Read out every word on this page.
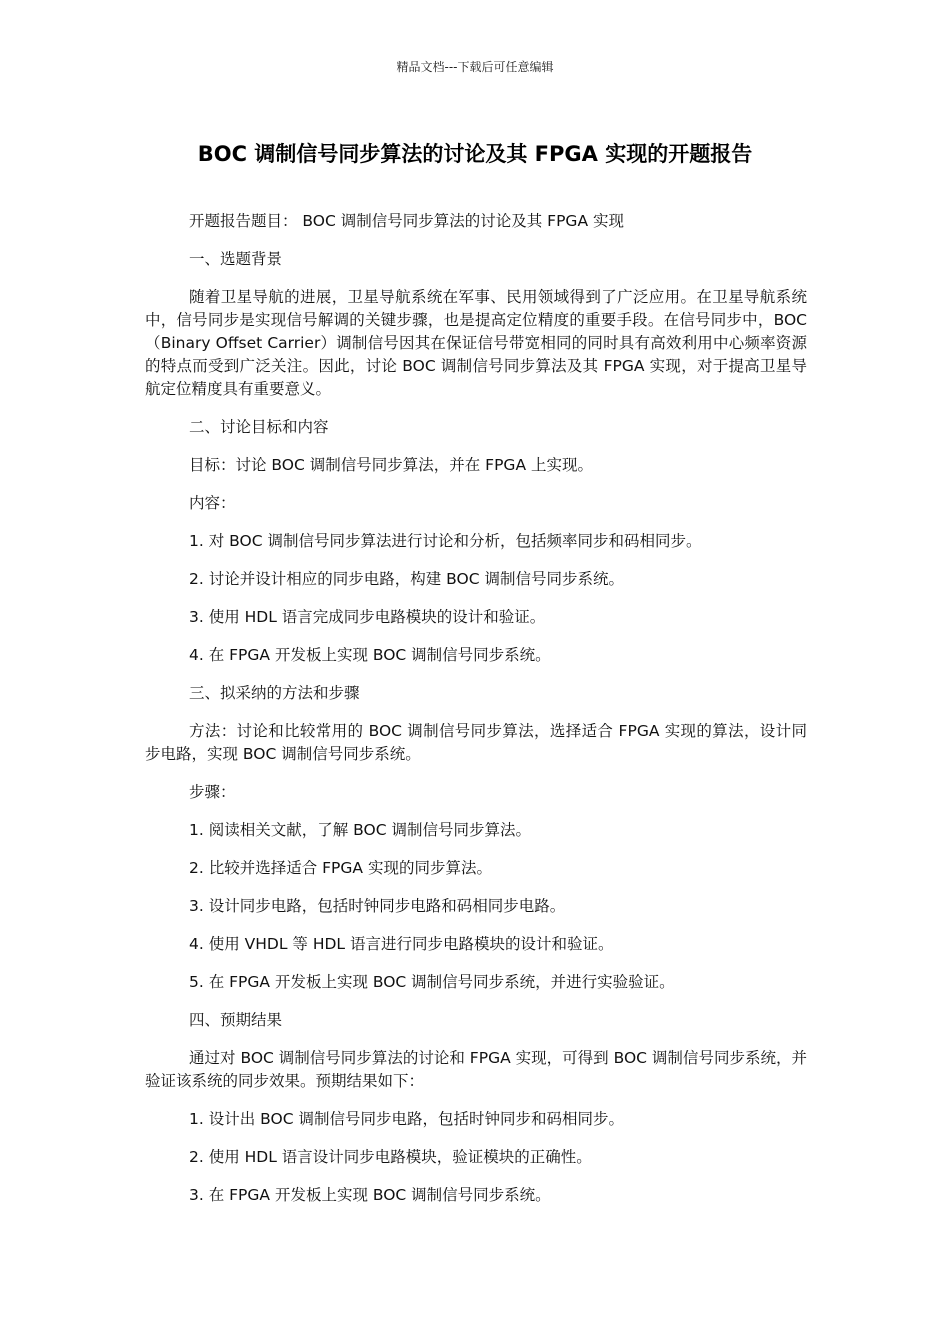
精品文档---下载后可任意编辑
BOC 调制信号同步算法的讨论及其 FPGA 实现的开题报告

开题报告题目： BOC 调制信号同步算法的讨论及其 FPGA 实现

一、选题背景

随着卫星导航的进展，卫星导航系统在军事、民用领域得到了广泛应用。在卫星导航系统中，信号同步是实现信号解调的关键步骤，也是提高定位精度的重要手段。在信号同步中，BOC（Binary Offset Carrier）调制信号因其在保证信号带宽相同的同时具有高效利用中心频率资源的特点而受到广泛关注。因此，讨论 BOC 调制信号同步算法及其 FPGA 实现，对于提高卫星导航定位精度具有重要意义。

二、讨论目标和内容

目标：讨论 BOC 调制信号同步算法，并在 FPGA 上实现。

内容：

1. 对 BOC 调制信号同步算法进行讨论和分析，包括频率同步和码相同步。

2. 讨论并设计相应的同步电路，构建 BOC 调制信号同步系统。

3. 使用 HDL 语言完成同步电路模块的设计和验证。

4. 在 FPGA 开发板上实现 BOC 调制信号同步系统。

三、拟采纳的方法和步骤

方法：讨论和比较常用的 BOC 调制信号同步算法，选择适合 FPGA 实现的算法，设计同步电路，实现 BOC 调制信号同步系统。

步骤：

1. 阅读相关文献，了解 BOC 调制信号同步算法。

2. 比较并选择适合 FPGA 实现的同步算法。

3. 设计同步电路，包括时钟同步电路和码相同步电路。

4. 使用 VHDL 等 HDL 语言进行同步电路模块的设计和验证。

5. 在 FPGA 开发板上实现 BOC 调制信号同步系统，并进行实验验证。

四、预期结果

通过对 BOC 调制信号同步算法的讨论和 FPGA 实现，可得到 BOC 调制信号同步系统，并验证该系统的同步效果。预期结果如下：

1. 设计出 BOC 调制信号同步电路，包括时钟同步和码相同步。

2. 使用 HDL 语言设计同步电路模块，验证模块的正确性。

3. 在 FPGA 开发板上实现 BOC 调制信号同步系统。
